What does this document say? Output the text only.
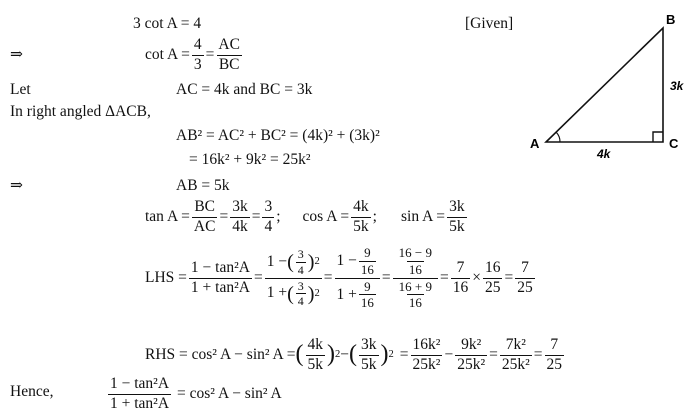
3 cot A = 4	[Given]
⇒	$\cot A = \frac{4}{3} = \frac{AC}{BC}$
Let	AC = 4k and BC = 3k
In right angled ΔACB,
AB² = AC² + BC² = (4k)² + (3k)²
= 16k² + 9k² = 25k²
⇒	AB = 5k
$\tan A = \frac{BC}{AC} = \frac{3k}{4k} = \frac{3}{4}$ ; $\cos A = \frac{4k}{5k}$ ; $\sin A = \frac{3k}{5k}$
LHS = $\frac{\text{1 − tan²A}}{\text{1 + tan²A}} = \frac{1 - ( \frac{3}{4} ) 2}{1 + ( \frac{3}{4} ) 2} = \frac{1 - \frac{9}{16}}{1 + \frac{9}{16}} = \frac{\frac{16 - 9}{16}}{\frac{16 + 9}{16}} = \frac{7}{16} \times \frac{16}{25} = \frac{7}{25}$
RHS = cos² A − sin² A = ( $\frac{4k}{5k}$ ) 2 − ( $\frac{3k}{5k}$ ) $2 = \frac{\text{16k²}}{\text{25k²}} - \frac{\text{9k²}}{\text{25k²}} = \frac{\text{7k²}}{\text{25k²}} = \frac{7}{25}$
Hence,	$\frac{\text{1 − tan²A}}{\text{1 + tan²A}} = \cos^2$ A − sin² A
A
B
C
3k
4k
